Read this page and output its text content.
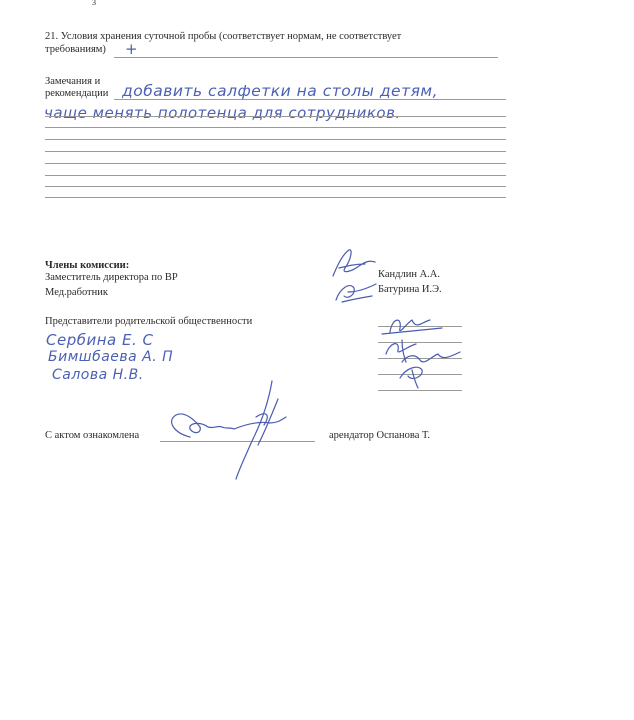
3
21. Условия хранения суточной пробы (соответствует нормам, не соответствует
требованиям) +
Замечания и
рекомендации добавить салфетки на столы детям,
чаще менять полотенца для сотрудников.
Члены комиссии:
Заместитель директора по ВР
Мед.работник
Кандлин А.А.
Батурина И.Э.
Представители родительской общественности
Сербина Е. С
Бимшбаева А. П
Салова Н.В.
С актом ознакомлена	арендатор Оспанова Т.
